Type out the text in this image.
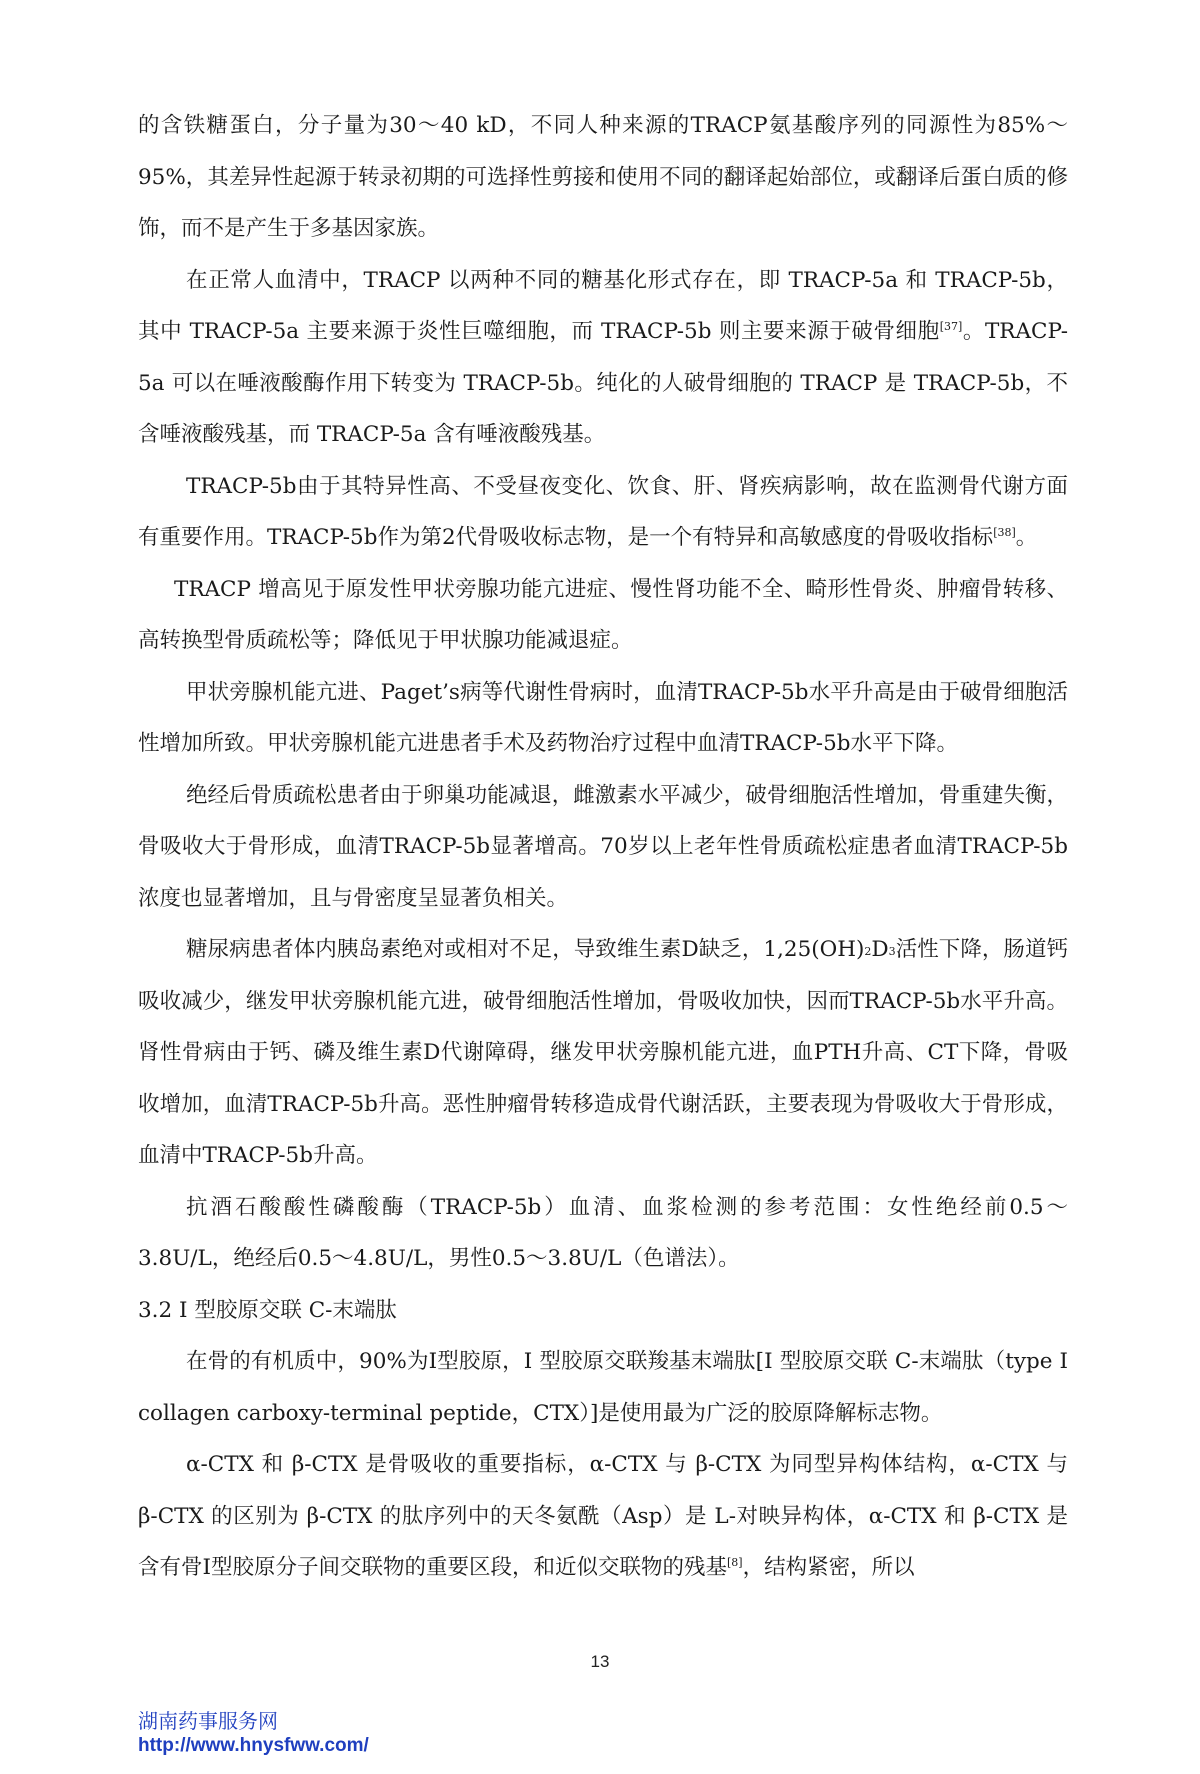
的含铁糖蛋白，分子量为30～40 kD，不同人种来源的TRACP氨基酸序列的同源性为85%～95%，其差异性起源于转录初期的可选择性剪接和使用不同的翻译起始部位，或翻译后蛋白质的修饰，而不是产生于多基因家族。

在正常人血清中，TRACP 以两种不同的糖基化形式存在，即 TRACP-5a 和 TRACP-5b，其中 TRACP-5a 主要来源于炎性巨噬细胞，而 TRACP-5b 则主要来源于破骨细胞[37]。TRACP-5a 可以在唾液酸酶作用下转变为 TRACP-5b。纯化的人破骨细胞的 TRACP 是 TRACP-5b，不含唾液酸残基，而 TRACP-5a 含有唾液酸残基。

TRACP-5b由于其特异性高、不受昼夜变化、饮食、肝、肾疾病影响，故在监测骨代谢方面有重要作用。TRACP-5b作为第2代骨吸收标志物，是一个有特异和高敏感度的骨吸收指标[38]。

TRACP 增高见于原发性甲状旁腺功能亢进症、慢性肾功能不全、畸形性骨炎、肿瘤骨转移、高转换型骨质疏松等；降低见于甲状腺功能减退症。

甲状旁腺机能亢进、Paget’s病等代谢性骨病时，血清TRACP-5b水平升高是由于破骨细胞活性增加所致。甲状旁腺机能亢进患者手术及药物治疗过程中血清TRACP-5b水平下降。

绝经后骨质疏松患者由于卵巢功能减退，雌激素水平减少，破骨细胞活性增加，骨重建失衡，骨吸收大于骨形成，血清TRACP-5b显著增高。70岁以上老年性骨质疏松症患者血清TRACP-5b浓度也显著增加，且与骨密度呈显著负相关。

糖尿病患者体内胰岛素绝对或相对不足，导致维生素D缺乏，$1,25(OH)_2D_3$活性下降，肠道钙吸收减少，继发甲状旁腺机能亢进，破骨细胞活性增加，骨吸收加快，因而TRACP-5b水平升高。肾性骨病由于钙、磷及维生素D代谢障碍，继发甲状旁腺机能亢进，血PTH升高、CT下降，骨吸收增加，血清TRACP-5b升高。恶性肿瘤骨转移造成骨代谢活跃，主要表现为骨吸收大于骨形成，血清中TRACP-5b升高。

抗酒石酸酸性磷酸酶（TRACP-5b）血清、血浆检测的参考范围：女性绝经前0.5～3.8U/L，绝经后0.5～4.8U/L，男性0.5～3.8U/L（色谱法）。

3.2 I 型胶原交联 C-末端肽

在骨的有机质中，90%为Ⅰ型胶原，Ⅰ 型胶原交联羧基末端肽[Ⅰ 型胶原交联 C-末端肽（type Ⅰ collagen carboxy-terminal peptide，CTX）]是使用最为广泛的胶原降解标志物。

α-CTX 和 β-CTX 是骨吸收的重要指标，α-CTX 与 β-CTX 为同型异构体结构，α-CTX 与 β-CTX 的区别为 β-CTX 的肽序列中的天冬氨酰（Asp）是 L-对映异构体，α-CTX 和 β-CTX 是含有骨Ⅰ型胶原分子间交联物的重要区段，和近似交联物的残基[8]，结构紧密，所以

13
湖南药事服务网
http://www.hnysfww.com/
